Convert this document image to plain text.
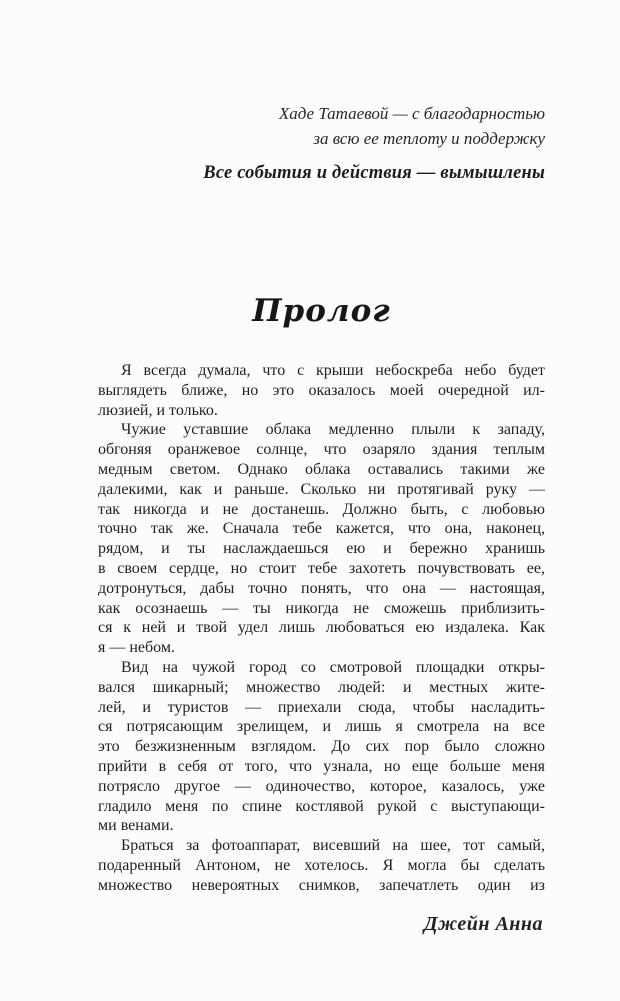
Хаде Татаевой — с благодарностью
за всю ее теплоту и поддержку
Все события и действия — вымышлены
Пролог
Я всегда думала, что с крыши небоскреба небо будет
выглядеть ближе, но это оказалось моей очередной ил-
люзией, и только.
Чужие уставшие облака медленно плыли к западу,
обгоняя оранжевое солнце, что озаряло здания теплым
медным светом. Однако облака оставались такими же
далекими, как и раньше. Сколько ни протягивай руку —
так никогда и не достанешь. Должно быть, с любовью
точно так же. Сначала тебе кажется, что она, наконец,
рядом, и ты наслаждаешься ею и бережно хранишь
в своем сердце, но стоит тебе захотеть почувствовать ее,
дотронуться, дабы точно понять, что она — настоящая,
как осознаешь — ты никогда не сможешь приблизить-
ся к ней и твой удел лишь любоваться ею издалека. Как
я — небом.
Вид на чужой город со смотровой площадки откры-
вался шикарный; множество людей: и местных жите-
лей, и туристов — приехали сюда, чтобы насладить-
ся потрясающим зрелищем, и лишь я смотрела на все
это безжизненным взглядом. До сих пор было сложно
прийти в себя от того, что узнала, но еще больше меня
потрясло другое — одиночество, которое, казалось, уже
гладило меня по спине костлявой рукой с выступающи-
ми венами.
Браться за фотоаппарат, висевший на шее, тот самый,
подаренный Антоном, не хотелось. Я могла бы сделать
множество невероятных снимков, запечатлеть один из
Джейн Анна
